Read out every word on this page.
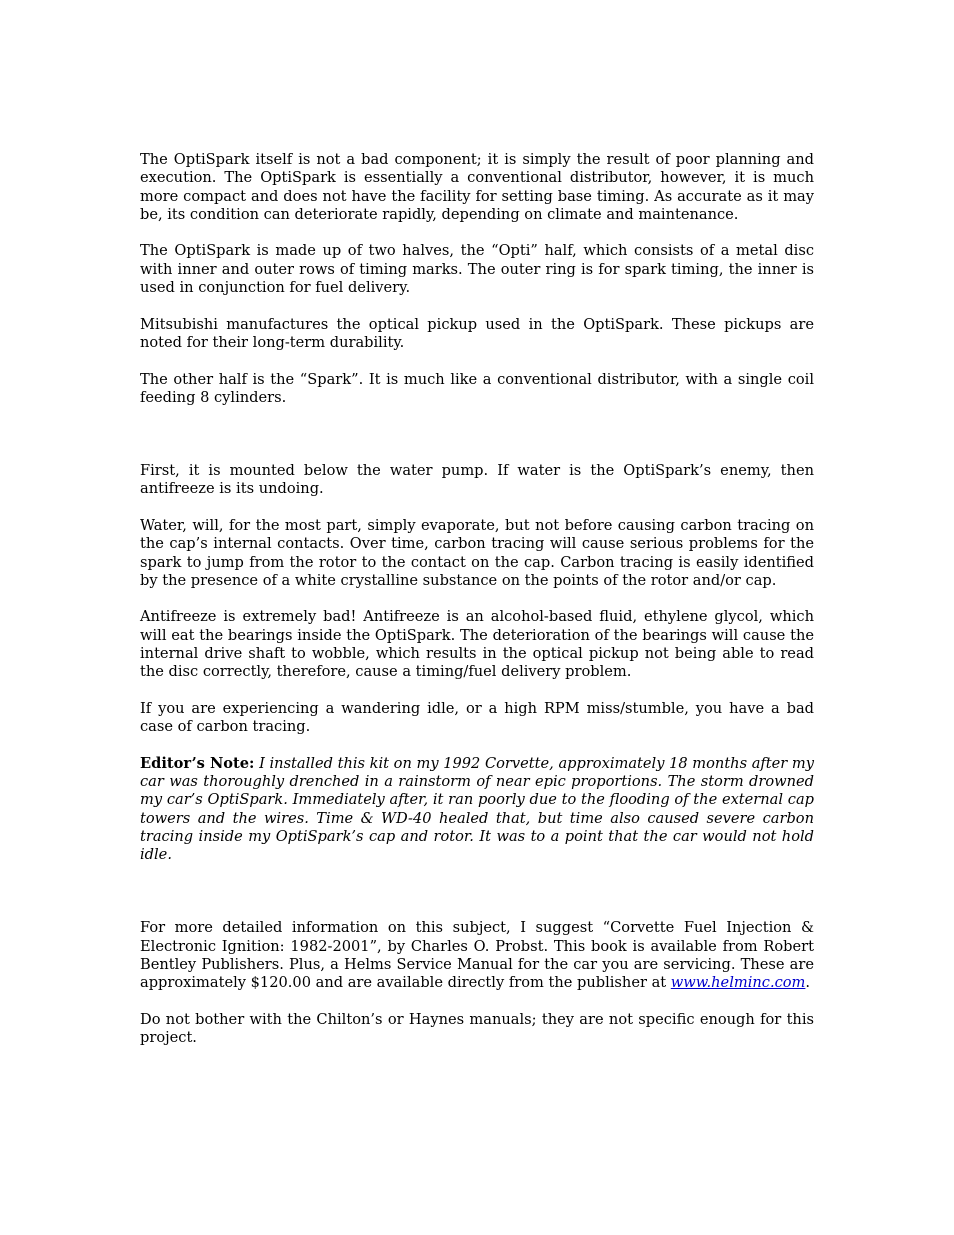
The OptiSpark itself is not a bad component; it is simply the result of poor planning and execution. The OptiSpark is essentially a conventional distributor, however, it is much more compact and does not have the facility for setting base timing. As accurate as it may be, its condition can deteriorate rapidly, depending on climate and maintenance.

The OptiSpark is made up of two halves, the “Opti” half, which consists of a metal disc with inner and outer rows of timing marks. The outer ring is for spark timing, the inner is used in conjunction for fuel delivery.

Mitsubishi manufactures the optical pickup used in the OptiSpark. These pickups are noted for their long-term durability.

The other half is the “Spark”. It is much like a conventional distributor, with a single coil feeding 8 cylinders.

First, it is mounted below the water pump. If water is the OptiSpark’s enemy, then antifreeze is its undoing.

Water, will, for the most part, simply evaporate, but not before causing carbon tracing on the cap’s internal contacts. Over time, carbon tracing will cause serious problems for the spark to jump from the rotor to the contact on the cap. Carbon tracing is easily identified by the presence of a white crystalline substance on the points of the rotor and/or cap.

Antifreeze is extremely bad! Antifreeze is an alcohol-based fluid, ethylene glycol, which will eat the bearings inside the OptiSpark. The deterioration of the bearings will cause the internal drive shaft to wobble, which results in the optical pickup not being able to read the disc correctly, therefore, cause a timing/fuel delivery problem.

If you are experiencing a wandering idle, or a high RPM miss/stumble, you have a bad case of carbon tracing.

Editor’s Note: I installed this kit on my 1992 Corvette, approximately 18 months after my car was thoroughly drenched in a rainstorm of near epic proportions. The storm drowned my car’s OptiSpark. Immediately after, it ran poorly due to the flooding of the external cap towers and the wires. Time & WD-40 healed that, but time also caused severe carbon tracing inside my OptiSpark’s cap and rotor. It was to a point that the car would not hold idle.

For more detailed information on this subject, I suggest “Corvette Fuel Injection & Electronic Ignition: 1982-2001”, by Charles O. Probst. This book is available from Robert Bentley Publishers. Plus, a Helms Service Manual for the car you are servicing. These are approximately $120.00 and are available directly from the publisher at www.helminc.com.

Do not bother with the Chilton’s or Haynes manuals; they are not specific enough for this project.
